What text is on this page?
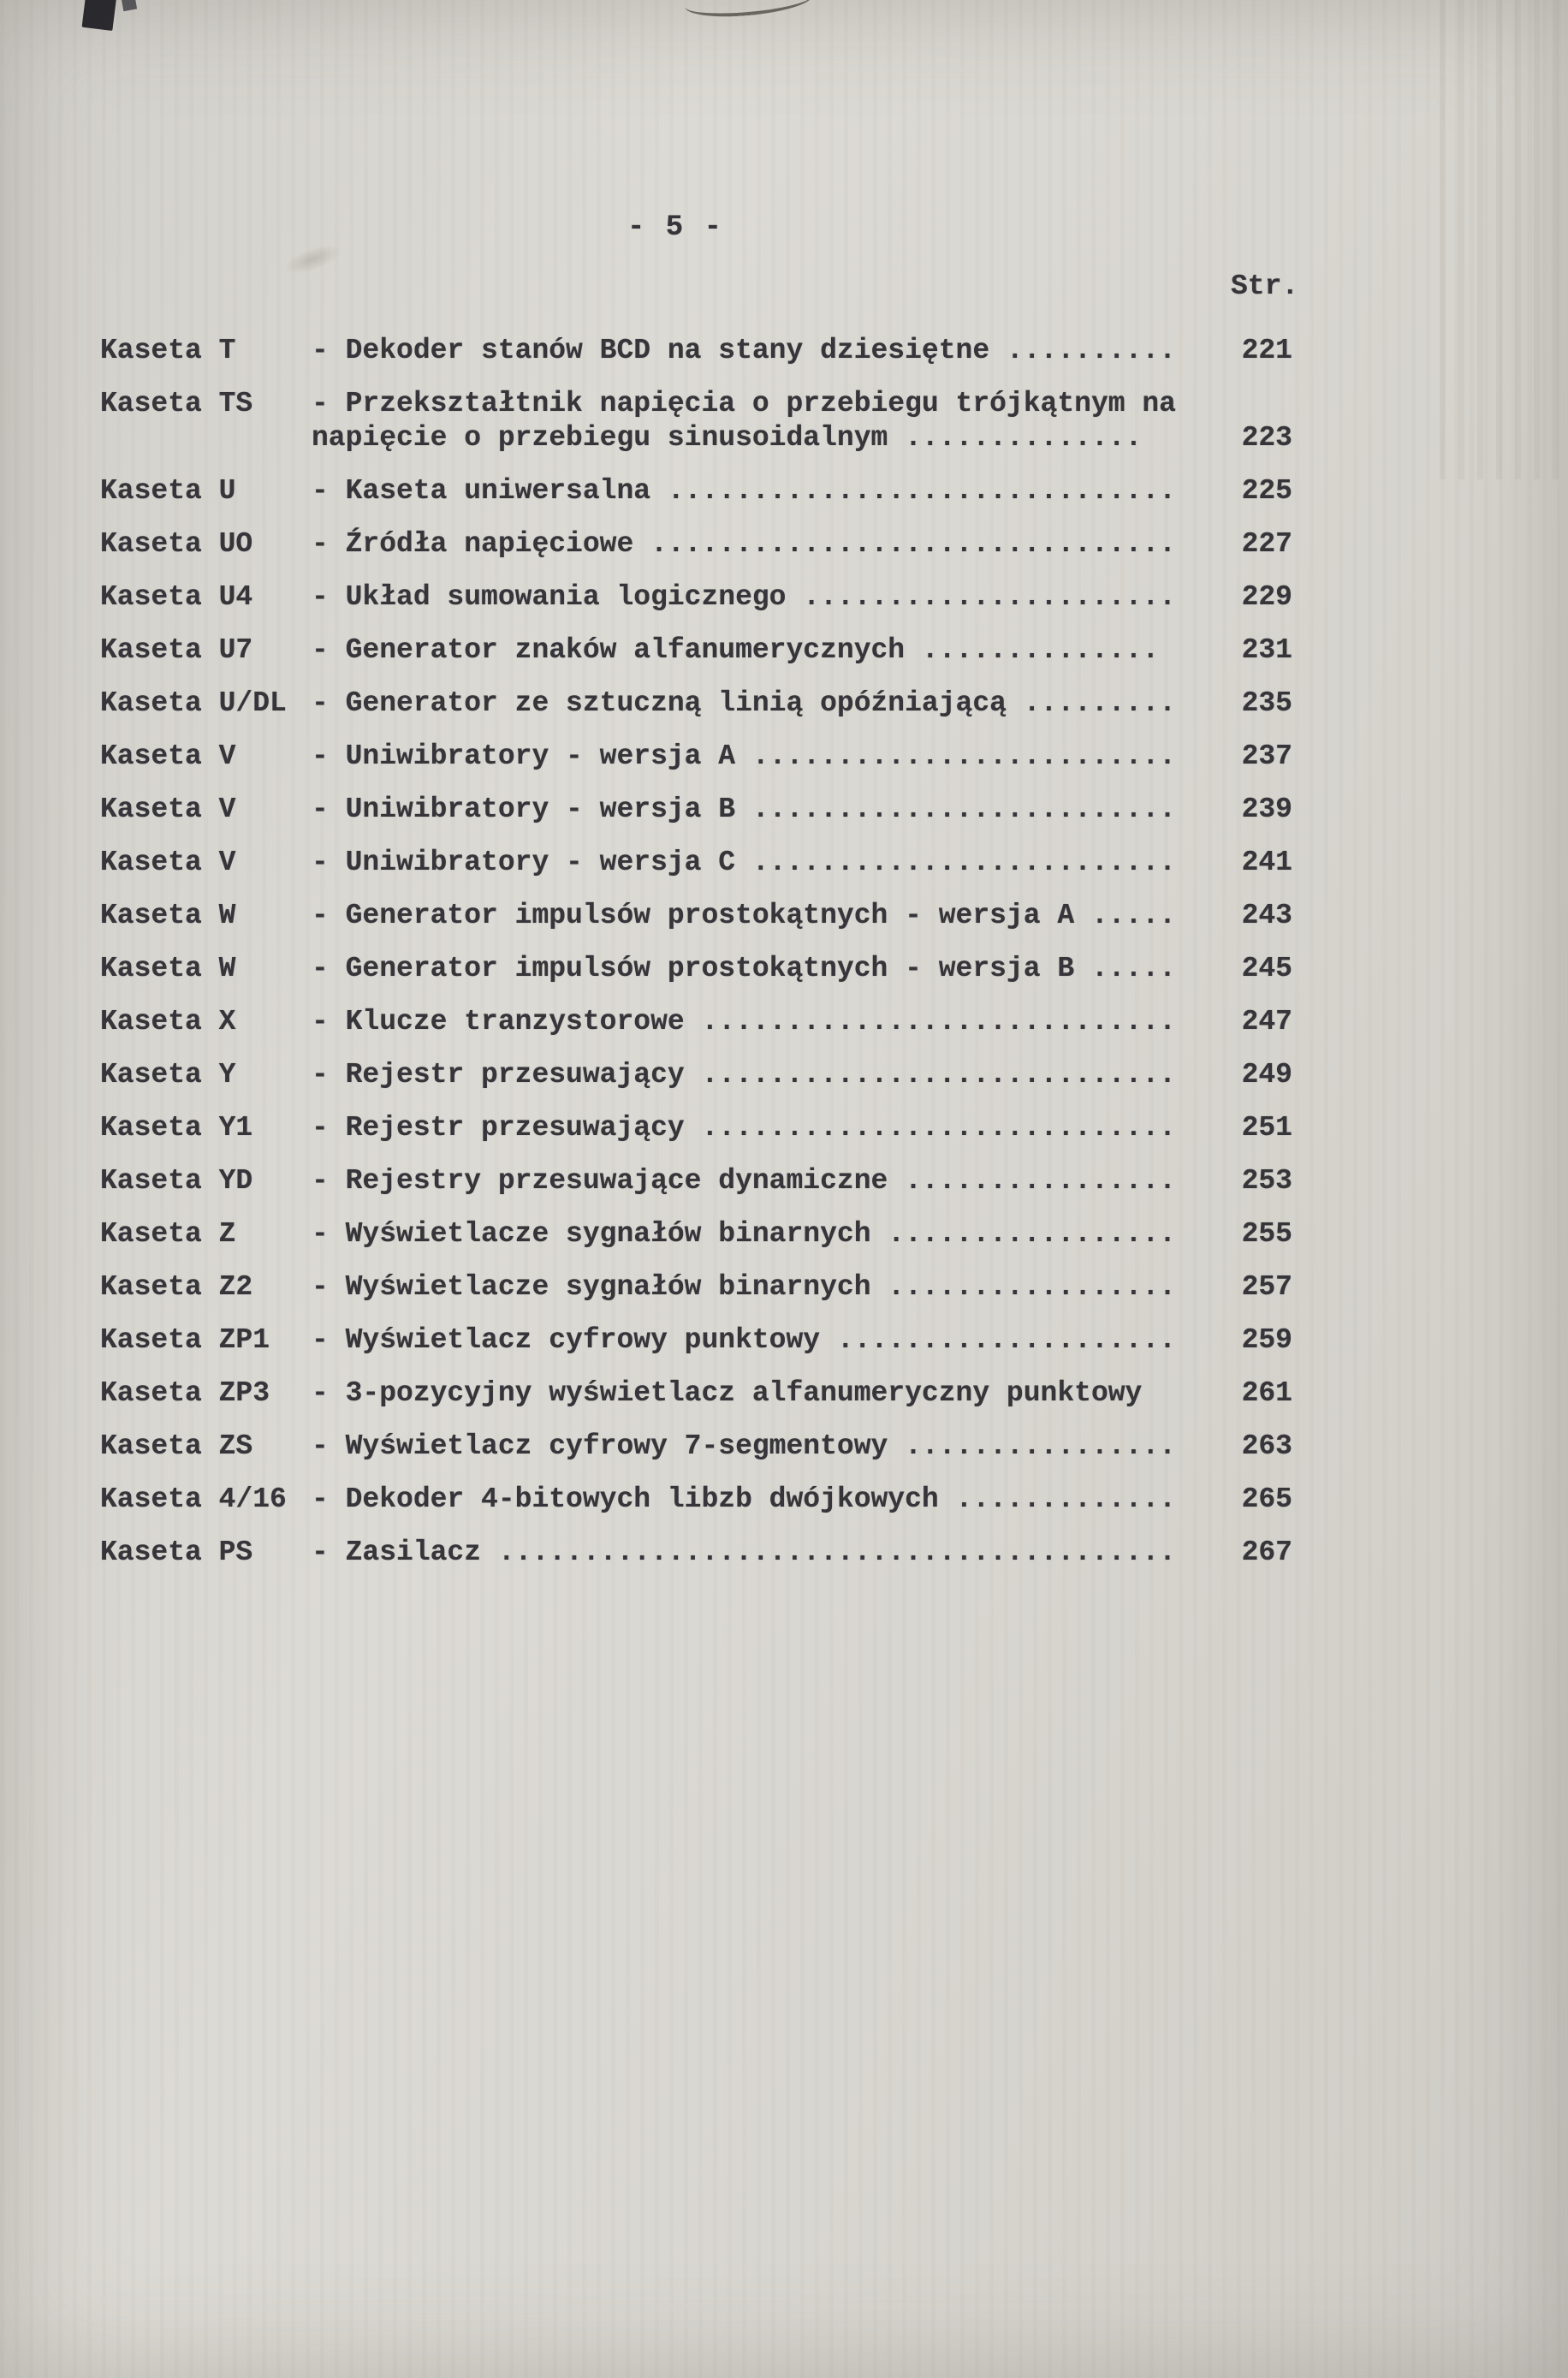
- 5 -
Str.
Kaseta T	- Dekoder stanów BCD na stany dziesiętne ..........	221
Kaseta TS	- Przekształtnik napięcia o przebiegu trójkątnym na napięcie o przebiegu sinusoidalnym ..............	223
Kaseta U	- Kaseta uniwersalna ..............................	225
Kaseta UO	- Źródła napięciowe ...............................	227
Kaseta U4	- Układ sumowania logicznego ......................	229
Kaseta U7	- Generator znaków alfanumerycznych ..............	231
Kaseta U/DL - Generator ze sztuczną linią opóźniającą .........	235
Kaseta V	- Uniwibratory - wersja A .........................	237
Kaseta V	- Uniwibratory - wersja B .........................	239
Kaseta V	- Uniwibratory - wersja C .........................	241
Kaseta W	- Generator impulsów prostokątnych - wersja A .....	243
Kaseta W	- Generator impulsów prostokątnych - wersja B .....	245
Kaseta X	- Klucze tranzystorowe ............................	247
Kaseta Y	- Rejestr przesuwający ............................	249
Kaseta Y1	- Rejestr przesuwający ............................	251
Kaseta YD	- Rejestry przesuwające dynamiczne ................	253
Kaseta Z	- Wyświetlacze sygnałów binarnych .................	255
Kaseta Z2	- Wyświetlacze sygnałów binarnych .................	257
Kaseta ZP1	- Wyświetlacz cyfrowy punktowy ....................	259
Kaseta ZP3	- 3-pozycyjny wyświetlacz alfanumeryczny punktowy	261
Kaseta ZS	- Wyświetlacz cyfrowy 7-segmentowy ................	263
Kaseta 4/16 - Dekoder 4-bitowych libzb dwójkowych .............	265
Kaseta PS	- Zasilacz ........................................	267
